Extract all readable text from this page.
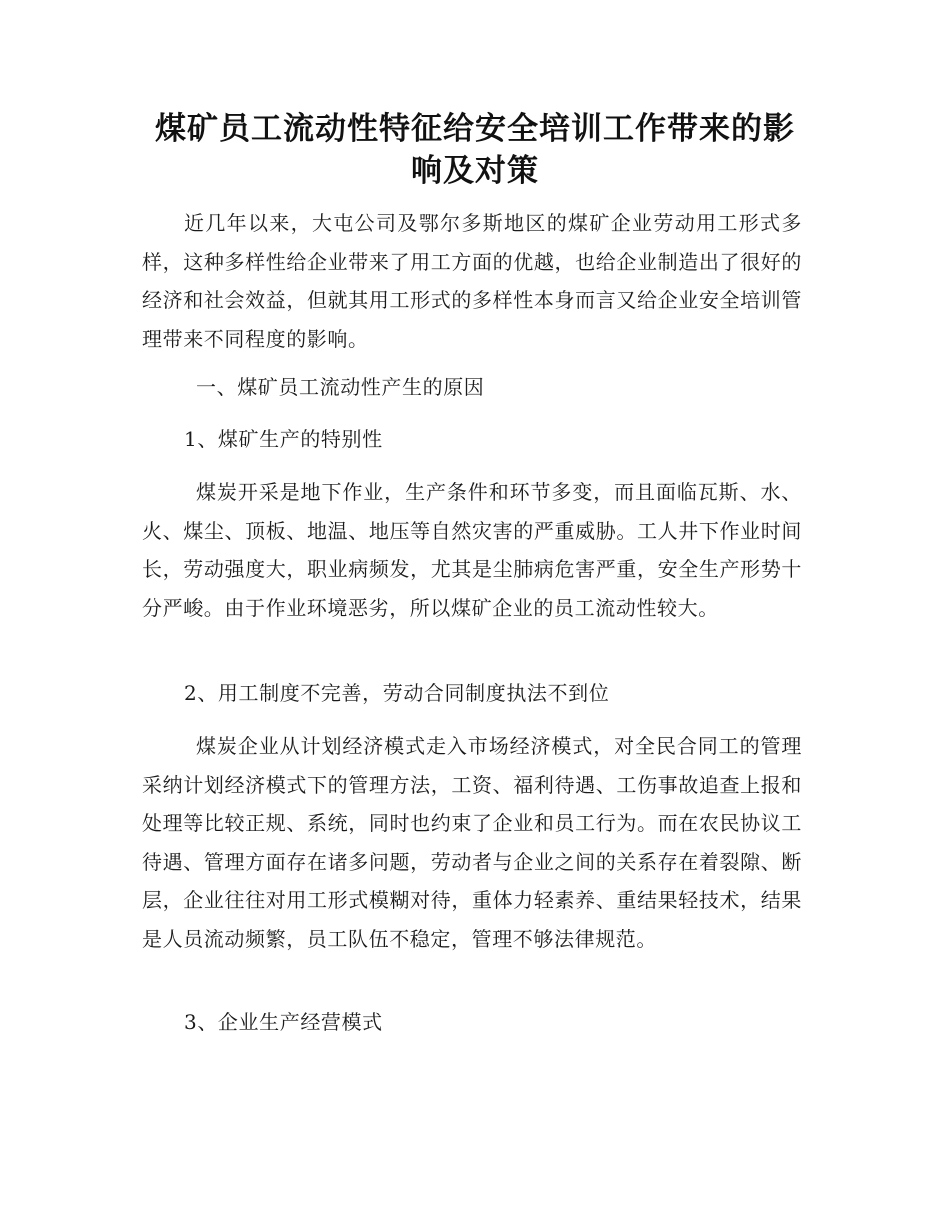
煤矿员工流动性特征给安全培训工作带来的影响及对策

近几年以来，大屯公司及鄂尔多斯地区的煤矿企业劳动用工形式多样，这种多样性给企业带来了用工方面的优越，也给企业制造出了很好的经济和社会效益，但就其用工形式的多样性本身而言又给企业安全培训管理带来不同程度的影响。

一、煤矿员工流动性产生的原因

1、煤矿生产的特别性

煤炭开采是地下作业，生产条件和环节多变，而且面临瓦斯、水、火、煤尘、顶板、地温、地压等自然灾害的严重威胁。工人井下作业时间长，劳动强度大，职业病频发，尤其是尘肺病危害严重，安全生产形势十分严峻。由于作业环境恶劣，所以煤矿企业的员工流动性较大。

2、用工制度不完善，劳动合同制度执法不到位

煤炭企业从计划经济模式走入市场经济模式，对全民合同工的管理采纳计划经济模式下的管理方法，工资、福利待遇、工伤事故追查上报和处理等比较正规、系统，同时也约束了企业和员工行为。而在农民协议工待遇、管理方面存在诸多问题，劳动者与企业之间的关系存在着裂隙、断层，企业往往对用工形式模糊对待，重体力轻素养、重结果轻技术，结果是人员流动频繁，员工队伍不稳定，管理不够法律规范。

3、企业生产经营模式
